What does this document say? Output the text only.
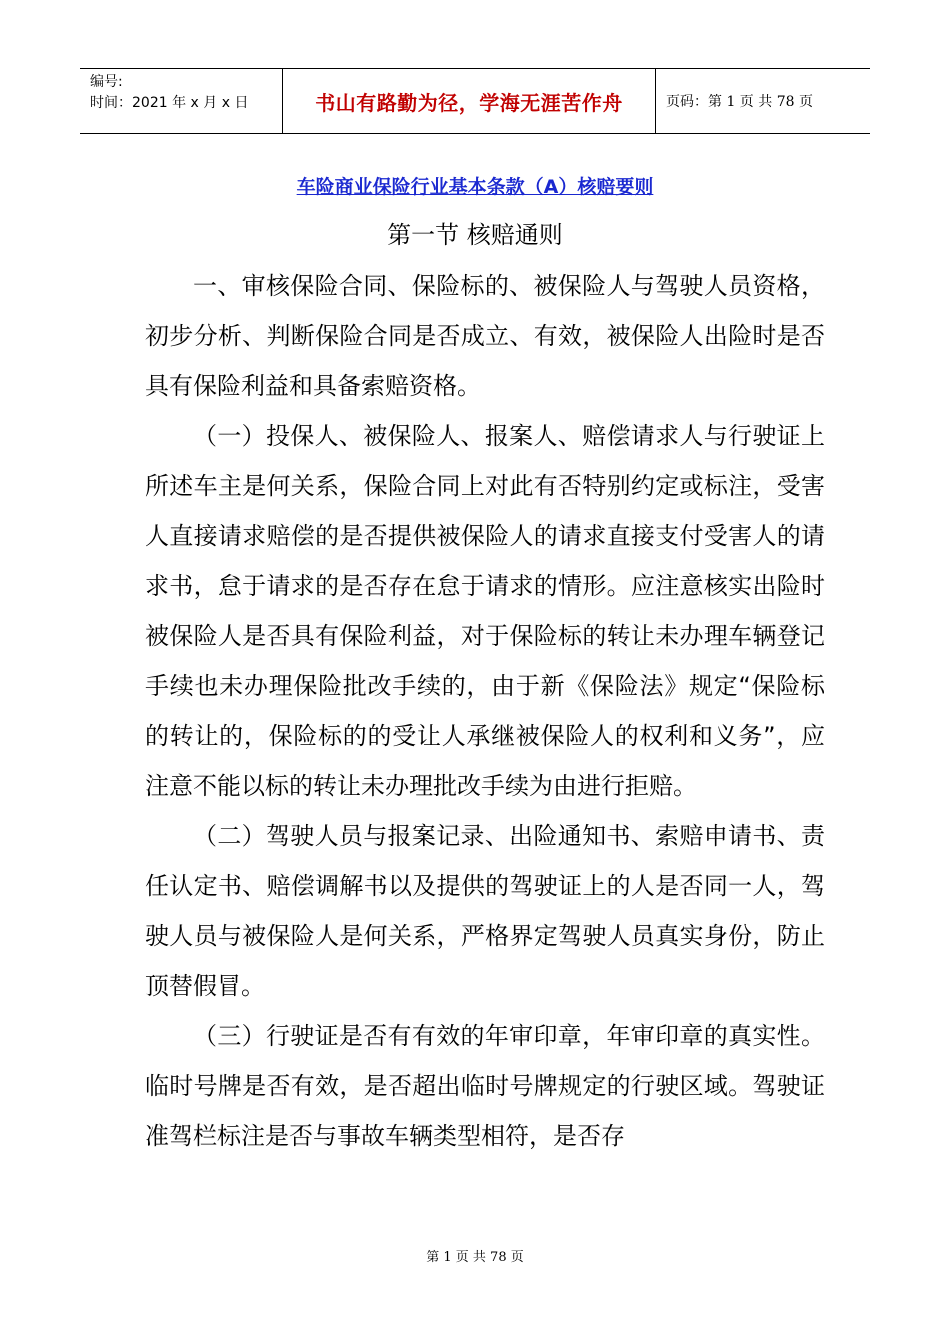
编号:
时间：2021 年 x 月 x 日	书山有路勤为径，学海无涯苦作舟	页码：第 1 页 共 78 页
车险商业保险行业基本条款（A）核赔要则
第一节 核赔通则

一、审核保险合同、保险标的、被保险人与驾驶人员资格，初步分析、判断保险合同是否成立、有效，被保险人出险时是否具有保险利益和具备索赔资格。

（一）投保人、被保险人、报案人、赔偿请求人与行驶证上所述车主是何关系，保险合同上对此有否特别约定或标注，受害人直接请求赔偿的是否提供被保险人的请求直接支付受害人的请求书，怠于请求的是否存在怠于请求的情形。应注意核实出险时被保险人是否具有保险利益，对于保险标的转让未办理车辆登记手续也未办理保险批改手续的，由于新《保险法》规定“保险标的转让的，保险标的的受让人承继被保险人的权利和义务”，应注意不能以标的转让未办理批改手续为由进行拒赔。

（二）驾驶人员与报案记录、出险通知书、索赔申请书、责任认定书、赔偿调解书以及提供的驾驶证上的人是否同一人，驾驶人员与被保险人是何关系，严格界定驾驶人员真实身份，防止顶替假冒。

（三）行驶证是否有有效的年审印章，年审印章的真实性。临时号牌是否有效，是否超出临时号牌规定的行驶区域。驾驶证准驾栏标注是否与事故车辆类型相符，是否存

第 1 页 共 78 页
